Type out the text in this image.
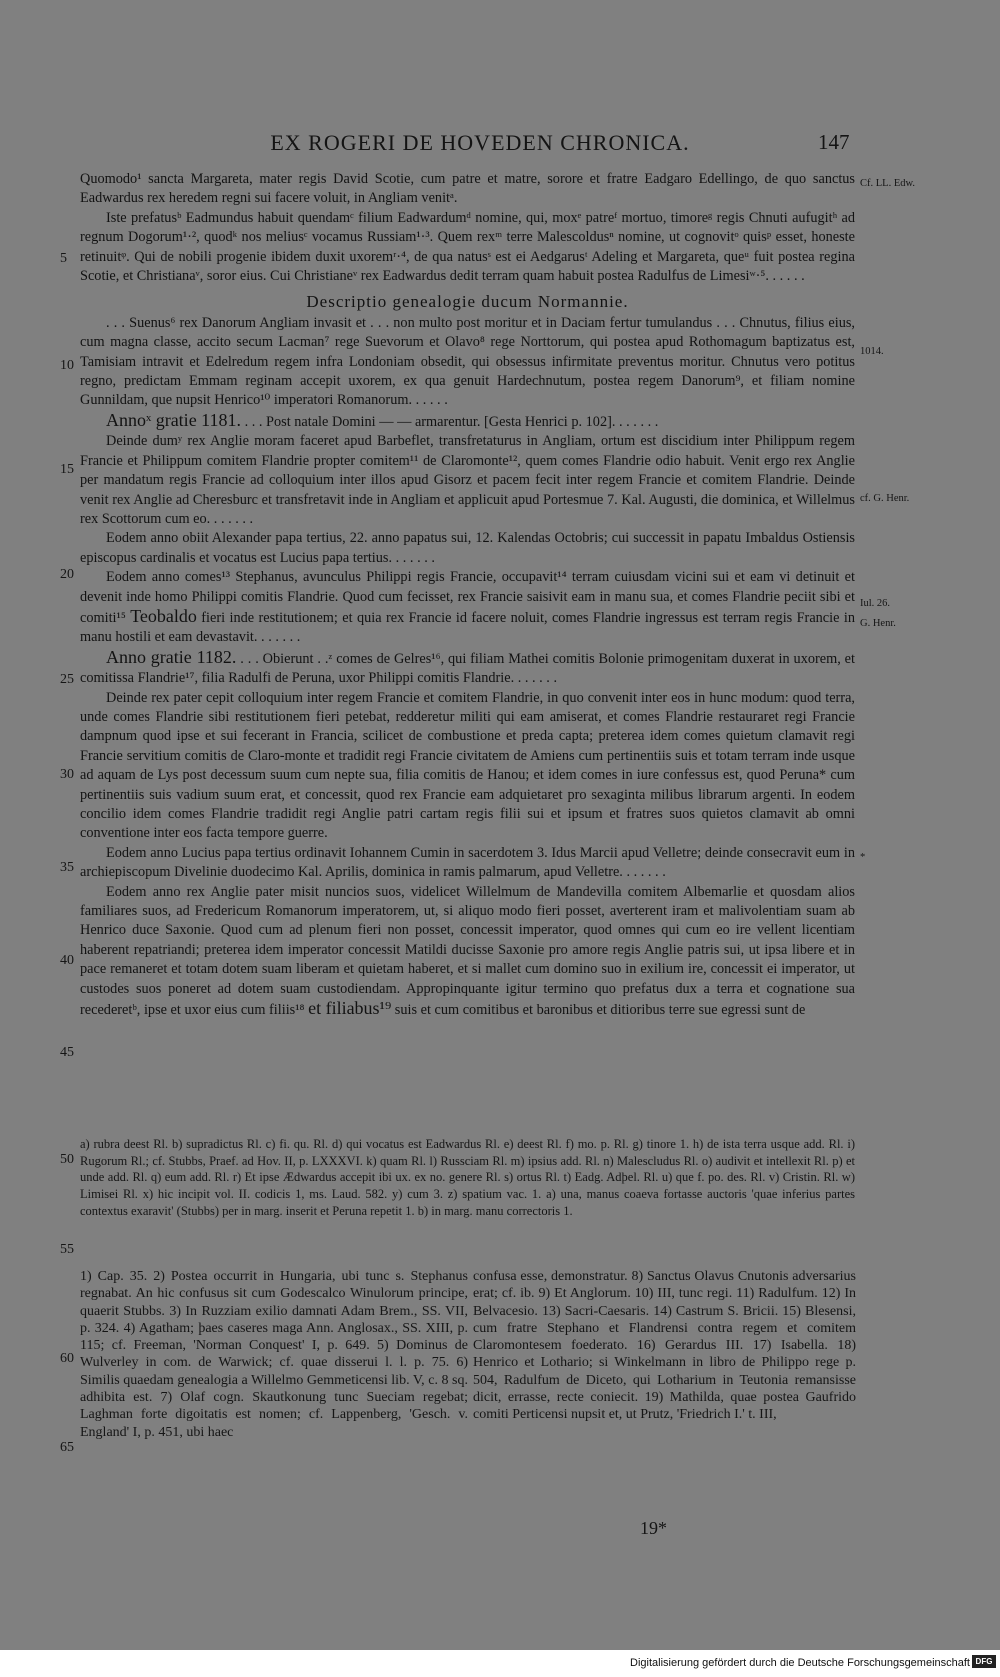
EX ROGERI DE HOVEDEN CHRONICA.	147

Quomodo¹ sancta Margareta, mater regis David Scotie, cum patre et matre, sorore et fratre Eadgaro Edellingo, de quo sanctus Eadwardus rex heredem regni sui facere voluit, in Angliam venitᵃ.

Iste prefatusᵇ Eadmundus habuit quendamᶜ filium Eadwardumᵈ nomine, qui, moxᵉ patreᶠ mortuo, timoreᵍ regis Chnuti aufugitʰ ad regnum Dogorum¹·², quodᵏ nos meliusᶜ vocamus Russiam¹·³. Quem rexᵐ terre Malescoldusⁿ nomine, ut cognovitᵒ quisᵖ esset, honeste retinuitᵠ. Qui de nobili progenie ibidem duxit uxoremʳ·⁴, de qua natusˢ est ei Aedgarusᵗ Adeling et Margareta, queᵘ fuit postea regina Scotie, et Christianaᵛ, soror eius. Cui Christianeᵛ rex Eadwardus dedit terram quam habuit postea Radulfus de Limesiʷ·⁵. . . . . .

Descriptio genealogie ducum Normannie.

. . . Suenus⁶ rex Danorum Angliam invasit et . . . non multo post moritur et in Daciam fertur tumulandus . . . Chnutus, filius eius, cum magna classe, accito secum Lacman⁷ rege Suevorum et Olavo⁸ rege Norttorum, qui postea apud Rothomagum baptizatus est, Tamisiam intravit et Edelredum regem infra Londoniam obsedit, qui obsessus infirmitate preventus moritur. Chnutus vero potitus regno, predictam Emmam reginam accepit uxorem, ex qua genuit Hardechnutum, postea regem Danorum⁹, et filiam nomine Gunnildam, que nupsit Henrico¹⁰ imperatori Romanorum. . . . . .

Annoˣ gratie 1181. . . . Post natale Domini — — armarentur. [Gesta Henrici p. 102]. . . . . . .

Deinde dumʸ rex Anglie moram faceret apud Barbeflet, transfretaturus in Angliam, ortum est discidium inter Philippum regem Francie et Philippum comitem Flandrie propter comitem¹¹ de Claromonte¹², quem comes Flandrie odio habuit. Venit ergo rex Anglie per mandatum regis Francie ad colloquium inter illos apud Gisorz et pacem fecit inter regem Francie et comitem Flandrie. Deinde venit rex Anglie ad Cheresburc et transfretavit inde in Angliam et applicuit apud Portesmue 7. Kal. Augusti, die dominica, et Willelmus rex Scottorum cum eo. . . . . . .

Eodem anno obiit Alexander papa tertius, 22. anno papatus sui, 12. Kalendas Octobris; cui successit in papatu Imbaldus Ostiensis episcopus cardinalis et vocatus est Lucius papa tertius. . . . . . .

Eodem anno comes¹³ Stephanus, avunculus Philippi regis Francie, occupavit¹⁴ terram cuiusdam vicini sui et eam vi detinuit et devenit inde homo Philippi comitis Flandrie. Quod cum fecisset, rex Francie saisivit eam in manu sua, et comes Flandrie peciit sibi et comiti¹⁵ Teobaldo fieri inde restitutionem; et quia rex Francie id facere noluit, comes Flandrie ingressus est terram regis Francie in manu hostili et eam devastavit. . . . . . .

Anno gratie 1182. . . . Obierunt . .ᶻ comes de Gelres¹⁶, qui filiam Mathei comitis Bolonie primogenitam duxerat in uxorem, et comitissa Flandrie¹⁷, filia Radulfi de Peruna, uxor Philippi comitis Flandrie. . . . . . .

Deinde rex pater cepit colloquium inter regem Francie et comitem Flandrie, in quo convenit inter eos in hunc modum: quod terra, unde comes Flandrie sibi restitutionem fieri petebat, redderetur militi qui eam amiserat, et comes Flandrie restauraret regi Francie dampnum quod ipse et sui fecerant in Francia, scilicet de combustione et preda capta; preterea idem comes quietum clamavit regi Francie servitium comitis de Claro-monte et tradidit regi Francie civitatem de Amiens cum pertinentiis suis et totam terram inde usque ad aquam de Lys post decessum suum cum nepte sua, filia comitis de Hanou; et idem comes in iure confessus est, quod Peruna* cum pertinentiis suis vadium suum erat, et concessit, quod rex Francie eam adquietaret pro sexaginta milibus librarum argenti. In eodem concilio idem comes Flandrie tradidit regi Anglie patri cartam regis filii sui et ipsum et fratres suos quietos clamavit ab omni conventione inter eos facta tempore guerre.

Eodem anno Lucius papa tertius ordinavit Iohannem Cumin in sacerdotem 3. Idus Marcii apud Velletre; deinde consecravit eum in archiepiscopum Divelinie duodecimo Kal. Aprilis, dominica in ramis palmarum, apud Velletre. . . . . . .

Eodem anno rex Anglie pater misit nuncios suos, videlicet Willelmum de Mandevilla comitem Albemarlie et quosdam alios familiares suos, ad Fredericum Romanorum imperatorem, ut, si aliquo modo fieri posset, averterent iram et malivolentiam suam ab Henrico duce Saxonie. Quod cum ad plenum fieri non posset, concessit imperator, quod omnes qui cum eo ire vellent licentiam haberent repatriandi; preterea idem imperator concessit Matildi ducisse Saxonie pro amore regis Anglie patris sui, ut ipsa libere et in pace remaneret et totam dotem suam liberam et quietam haberet, et si mallet cum domino suo in exilium ire, concessit ei imperator, ut custodes suos poneret ad dotem suam custodiendam. Appropinquante igitur termino quo prefatus dux a terra et cognatione sua recederetᵇ, ipse et uxor eius cum filiis¹⁸ et filiabus¹⁹ suis et cum comitibus et baronibus et ditioribus terre sue egressi sunt de

a) rubra deest Rl. b) supradictus Rl. c) fi. qu. Rl. d) qui vocatus est Eadwardus Rl. e) deest Rl. f) mo. p. Rl. g) tinore 1. h) de ista terra usque add. Rl. i) Rugorum Rl.; cf. Stubbs, Praef. ad Hov. II, p. LXXXVI. k) quam Rl. l) Russciam Rl. m) ipsius add. Rl. n) Malescludus Rl. o) audivit et intellexit Rl. p) et unde add. Rl. q) eum add. Rl. r) Et ipse Ædwardus accepit ibi ux. ex no. genere Rl. s) ortus Rl. t) Eadg. Adþel. Rl. u) que f. po. des. Rl. v) Cristin. Rl. w) Limisei Rl. x) hic incipit vol. II. codicis 1, ms. Laud. 582. y) cum 3. z) spatium vac. 1. a) una, manus coaeva fortasse auctoris 'quae inferius partes contextus exaravit' (Stubbs) per in marg. inserit et Peruna repetit 1. b) in marg. manu correctoris 1.

1) Cap. 35. 2) Postea occurrit in Hungaria, ubi tunc s. Stephanus regnabat. An hic confusus sit cum Godescalco Winulorum principe, quaerit Stubbs. 3) In Ruzziam exilio damnati Adam Brem., SS. VII, p. 324. 4) Agatham; þaes caseres maga Ann. Anglosax., SS. XIII, p. 115; cf. Freeman, 'Norman Conquest' I, p. 649. 5) Dominus de Wulverley in com. de Warwick; cf. quae disserui l. l. p. 75. 6) Similis quaedam genealogia a Willelmo Gemmeticensi lib. V, c. 8 sq. adhibita est. 7) Olaf cogn. Skautkonung tunc Sueciam regebat; Laghman forte digoitatis est nomen; cf. Lappenberg, 'Gesch. v. England' I, p. 451, ubi haec

confusa esse, demonstratur. 8) Sanctus Olavus Cnutonis adversarius erat; cf. ib. 9) Et Anglorum. 10) III, tunc regi. 11) Radulfum. 12) In Belvacesio. 13) Sacri-Caesaris. 14) Castrum S. Bricii. 15) Blesensi, cum fratre Stephano et Flandrensi contra regem et comitem Claromontesem foederato. 16) Gerardus III. 17) Isabella. 18) Henrico et Lothario; si Winkelmann in libro de Philippo rege p. 504, Radulfum de Diceto, qui Lotharium in Teutonia remansisse dicit, errasse, recte coniecit. 19) Mathilda, quae postea Gaufrido comiti Perticensi nupsit et, ut Prutz, 'Friedrich I.' t. III,

19*
5
10
15
20
25
30
35
40
45
50
55
60
65
Cf. LL. Edw.
1014.
cf. G. Henr.
Iul. 26.
G. Henr.
*
Digitalisierung gefördert durch die Deutsche Forschungsgemeinschaft DFG
